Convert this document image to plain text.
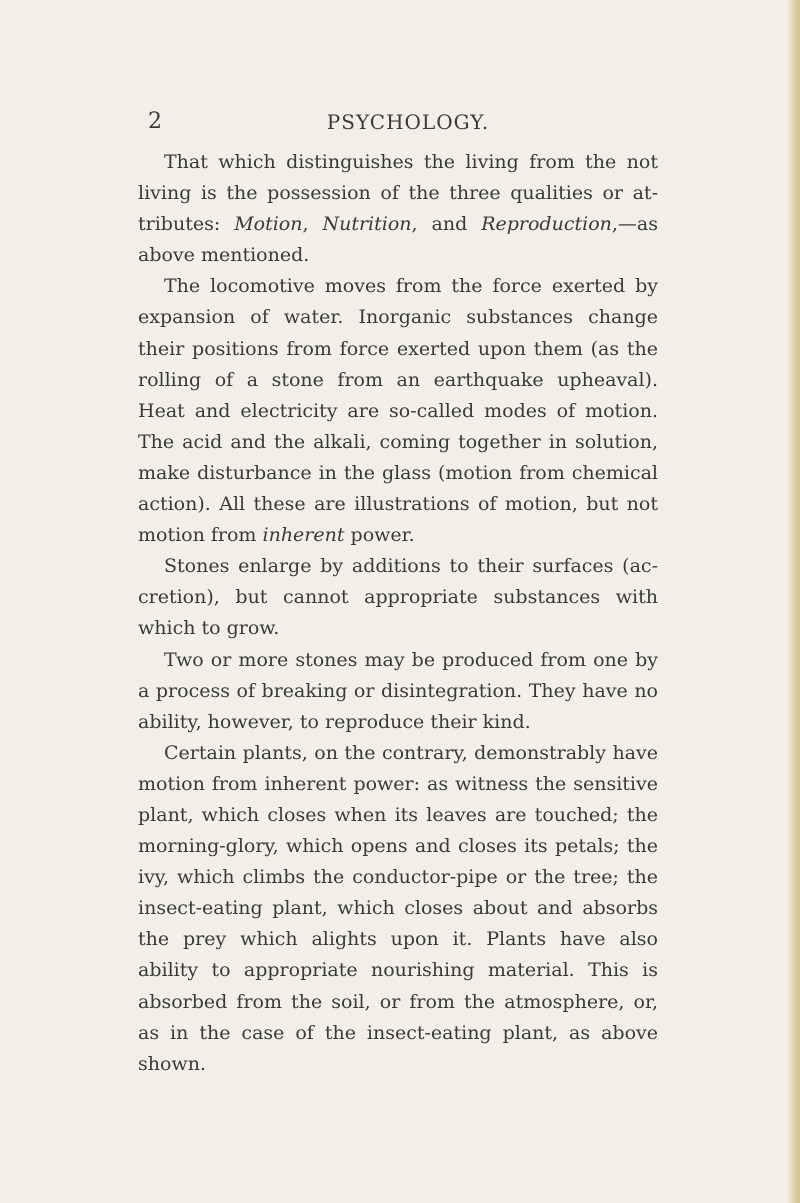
2	PSYCHOLOGY.

That which distinguishes the living from the not living is the possession of the three qualities or at-tributes: Motion, Nutrition, and Reproduction,—as above mentioned.

The locomotive moves from the force exerted by expansion of water. Inorganic substances change their positions from force exerted upon them (as the rolling of a stone from an earthquake upheaval). Heat and electricity are so-called modes of motion. The acid and the alkali, coming together in solution, make disturbance in the glass (motion from chemical action). All these are illustrations of motion, but not motion from inherent power.

Stones enlarge by additions to their surfaces (ac-cretion), but cannot appropriate substances with which to grow.

Two or more stones may be produced from one by a process of breaking or disintegration. They have no ability, however, to reproduce their kind.

Certain plants, on the contrary, demonstrably have motion from inherent power: as witness the sensitive plant, which closes when its leaves are touched; the morning-glory, which opens and closes its petals; the ivy, which climbs the conductor-pipe or the tree; the insect-eating plant, which closes about and absorbs the prey which alights upon it. Plants have also ability to appropriate nourishing material. This is absorbed from the soil, or from the atmosphere, or, as in the case of the insect-eating plant, as above shown.
